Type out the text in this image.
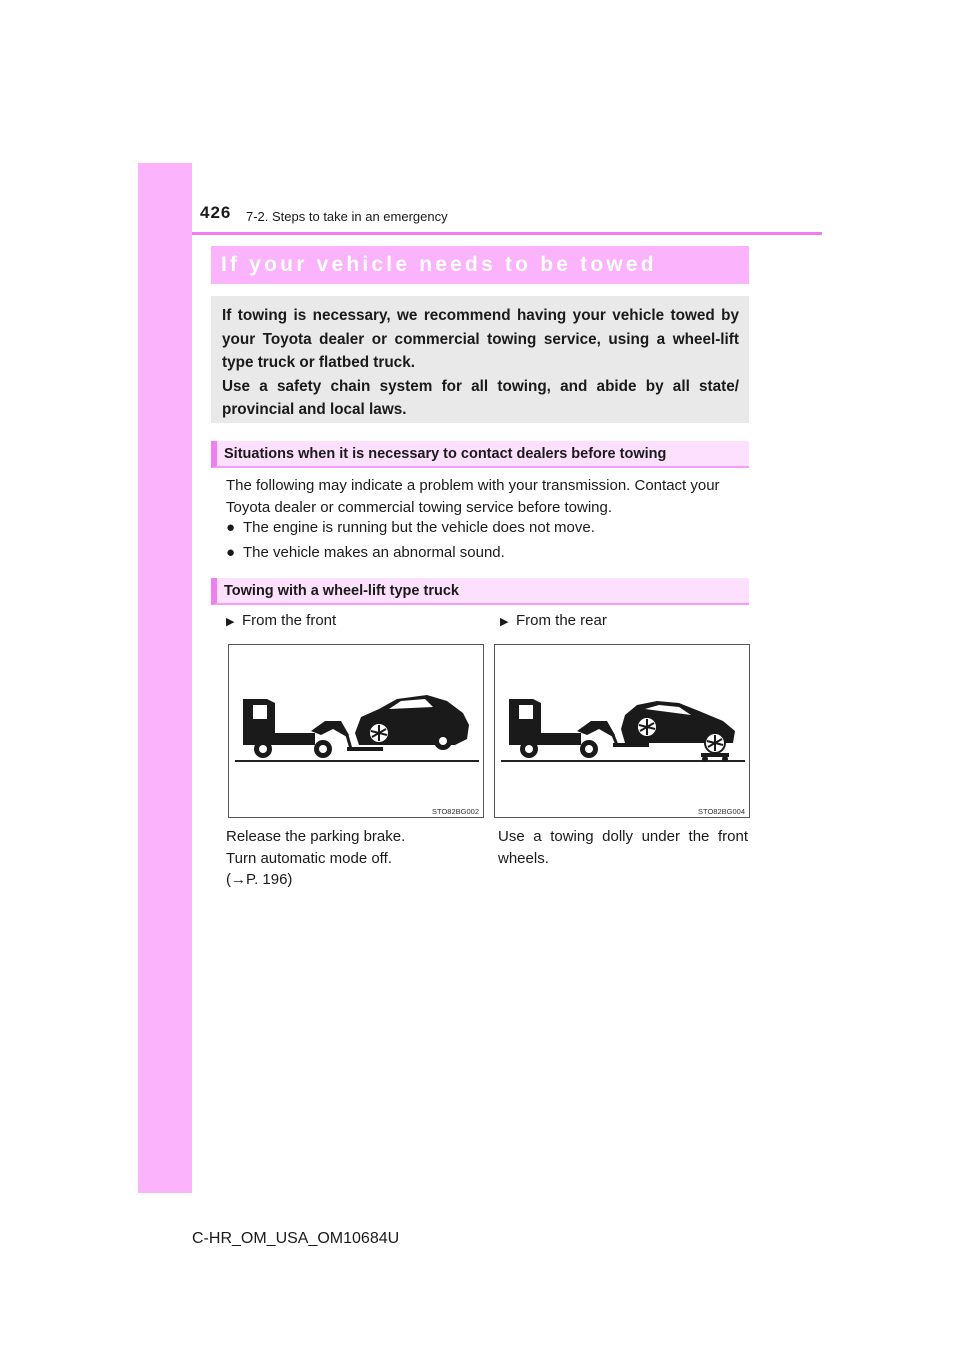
426 7-2. Steps to take in an emergency
If your vehicle needs to be towed

If towing is necessary, we recommend having your vehicle towed by your Toyota dealer or commercial towing service, using a wheel-lift type truck or flatbed truck.

Use a safety chain system for all towing, and abide by all state/ provincial and local laws.

Situations when it is necessary to contact dealers before towing

The following may indicate a problem with your transmission. Contact your Toyota dealer or commercial towing service before towing.

● The engine is running but the vehicle does not move.
● The vehicle makes an abnormal sound.
Towing with a wheel-lift type truck
▶ From the front	▶ From the rear
STO82BG002	STO82BG004

Release the parking brake.

Turn automatic mode off.

(→P. 196)

Use a towing dolly under the front wheels.

C-HR_OM_USA_OM10684U
